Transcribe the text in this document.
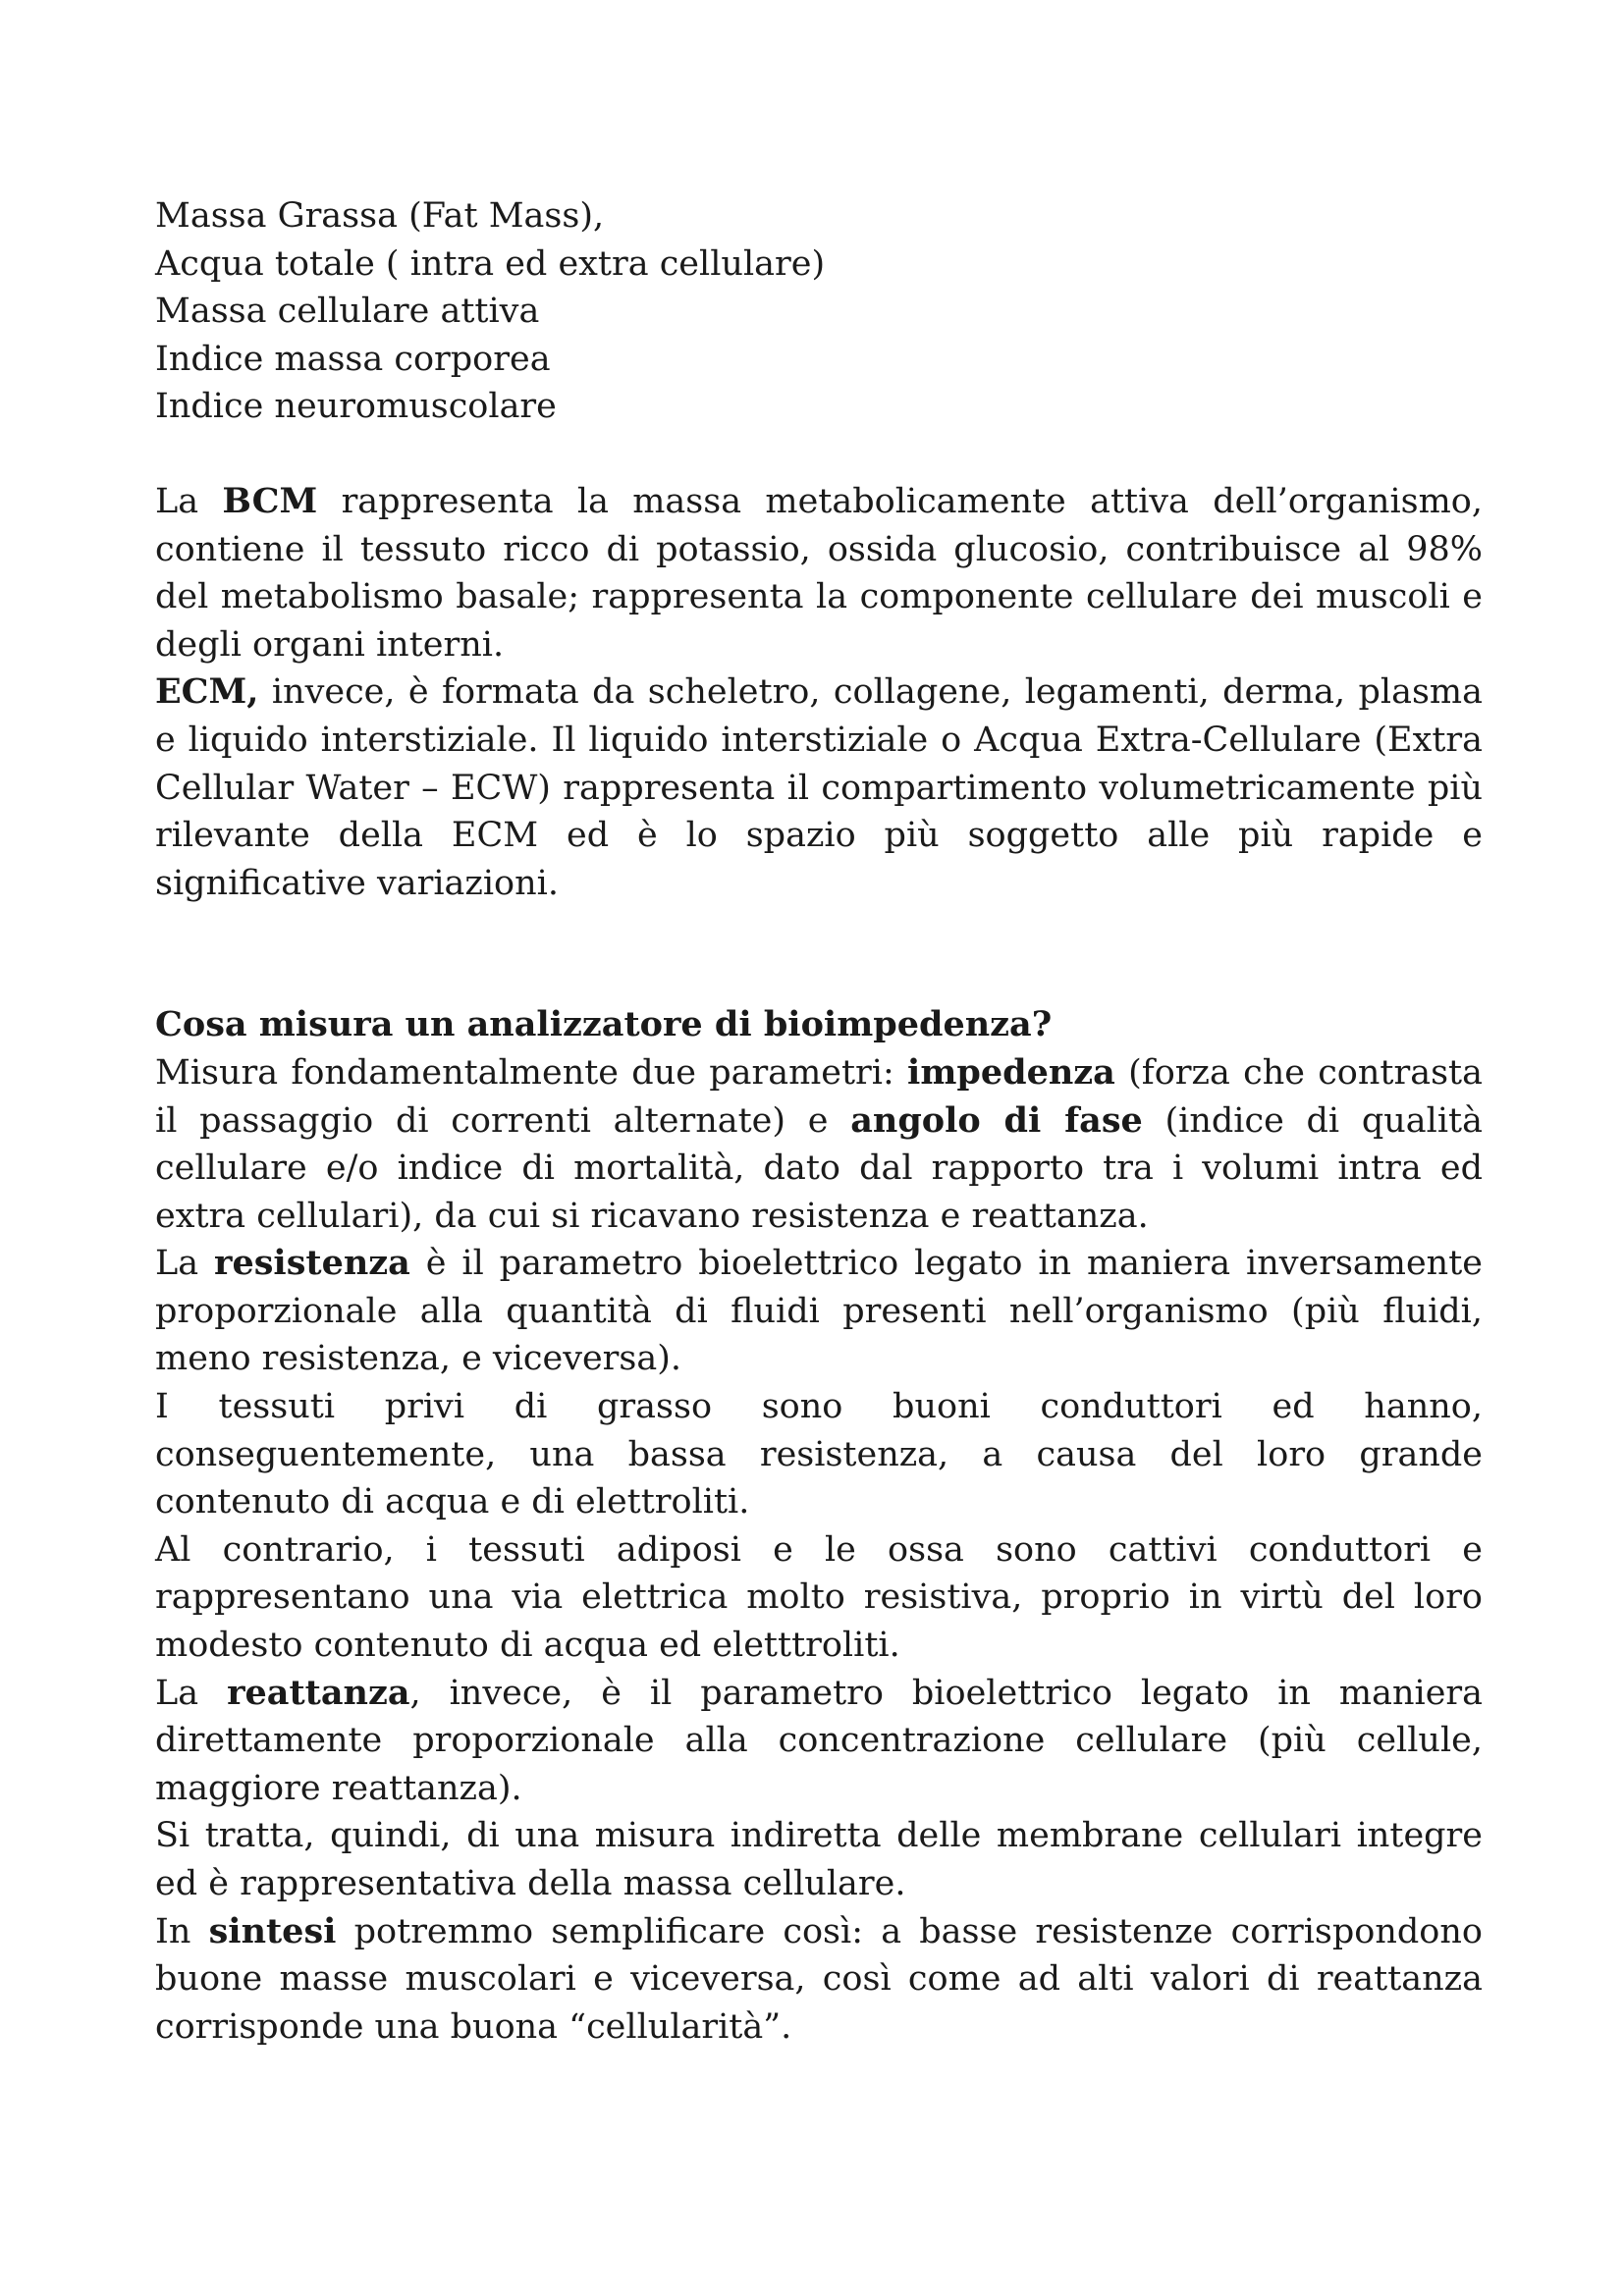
Massa Grassa (Fat Mass),
Acqua totale ( intra ed extra cellulare)
Massa cellulare attiva
Indice massa corporea
Indice neuromuscolare

La BCM rappresenta la massa metabolicamente attiva dell’organismo, contiene il tessuto ricco di potassio, ossida glucosio, contribuisce al 98% del metabolismo basale; rappresenta la componente cellulare dei muscoli e degli organi interni.

ECM, invece, è formata da scheletro, collagene, legamenti, derma, plasma e liquido interstiziale. Il liquido interstiziale o Acqua Extra-Cellulare (Extra Cellular Water – ECW) rappresenta il compartimento volumetricamente più rilevante della ECM ed è lo spazio più soggetto alle più rapide e significative variazioni.

Cosa misura un analizzatore di bioimpedenza?

Misura fondamentalmente due parametri: impedenza (forza che contrasta il passaggio di correnti alternate) e angolo di fase (indice di qualità cellulare e/o indice di mortalità, dato dal rapporto tra i volumi intra ed extra cellulari), da cui si ricavano resistenza e reattanza.

La resistenza è il parametro bioelettrico legato in maniera inversamente proporzionale alla quantità di fluidi presenti nell’organismo (più fluidi, meno resistenza, e viceversa).

I tessuti privi di grasso sono buoni conduttori ed hanno, conseguentemente, una bassa resistenza, a causa del loro grande contenuto di acqua e di elettroliti.

Al contrario, i tessuti adiposi e le ossa sono cattivi conduttori e rappresentano una via elettrica molto resistiva, proprio in virtù del loro modesto contenuto di acqua ed eletttroliti.

La reattanza, invece, è il parametro bioelettrico legato in maniera direttamente proporzionale alla concentrazione cellulare (più cellule, maggiore reattanza).

Si tratta, quindi, di una misura indiretta delle membrane cellulari integre ed è rappresentativa della massa cellulare.

In sintesi potremmo semplificare così: a basse resistenze corrispondono buone masse muscolari e viceversa, così come ad alti valori di reattanza corrisponde una buona “cellularità”.
